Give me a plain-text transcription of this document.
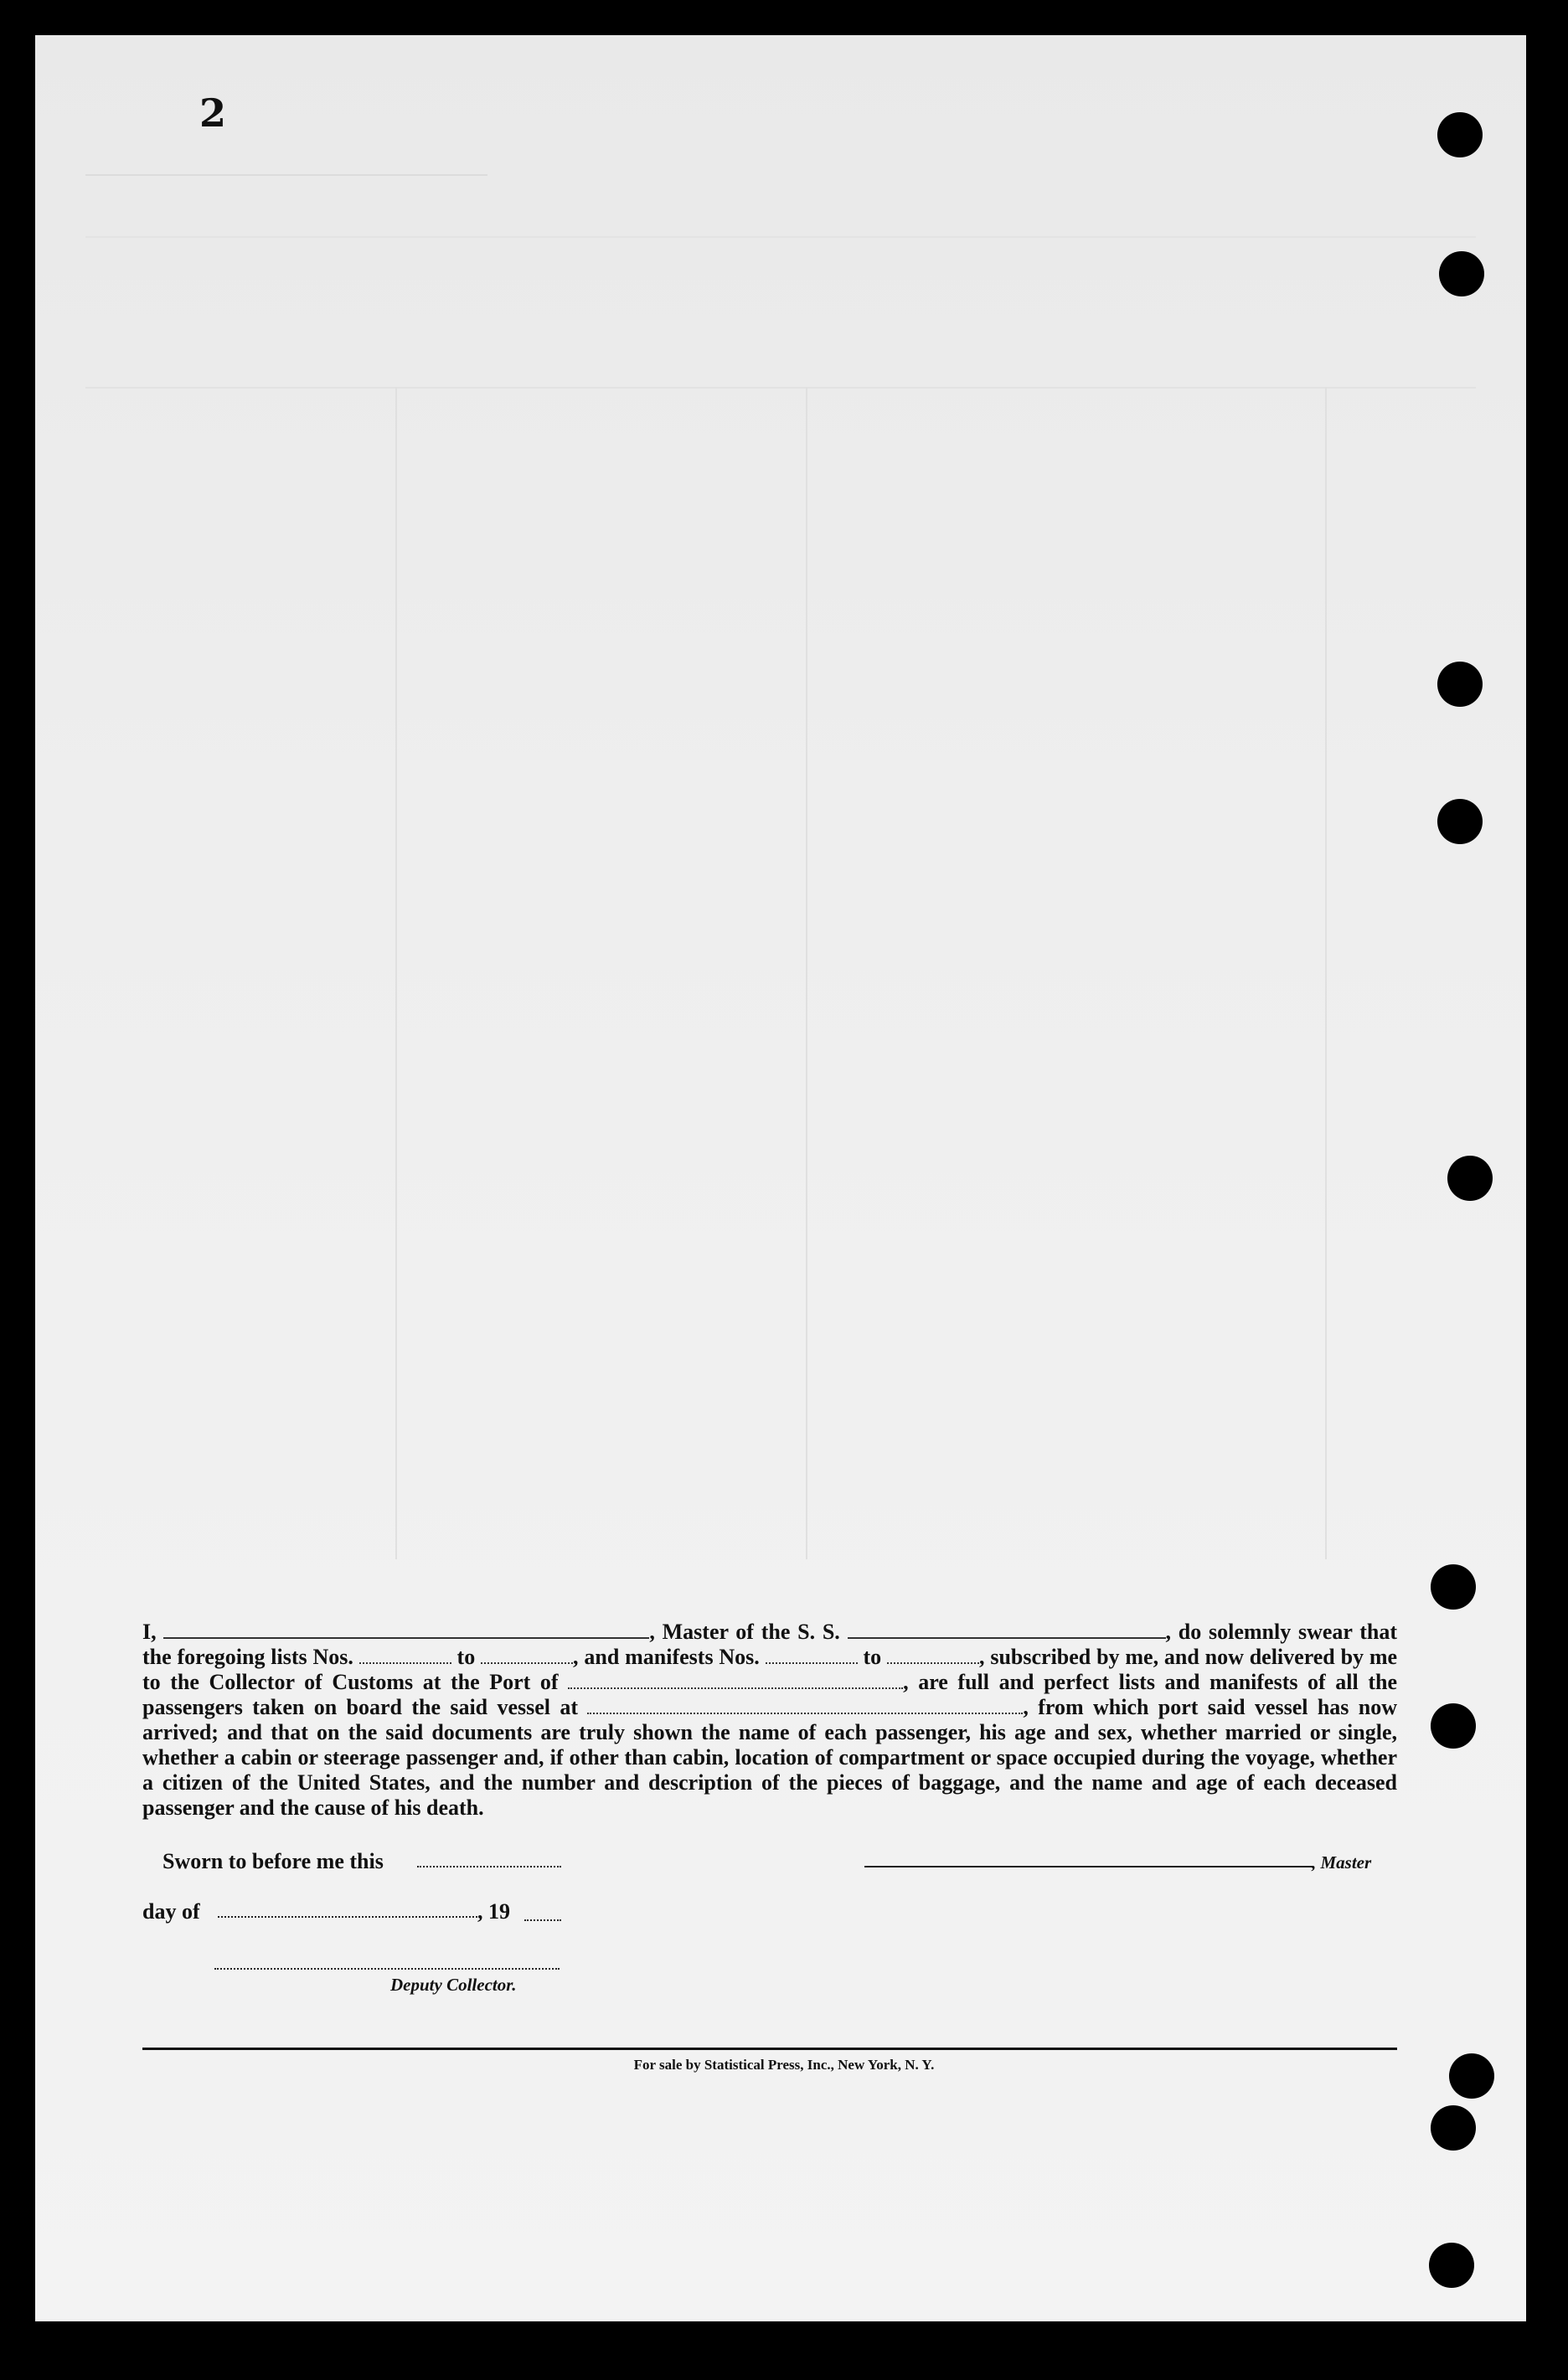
2
I,	, Master of the S. S.	, do solemnly swear that the foregoing lists Nos.	to	, and manifests Nos.	to	, subscribed by me, and now delivered by me to the Collector of Customs at the Port of	, are full and perfect lists and manifests of all the passengers taken on board the said vessel at	, from which port said vessel has now arrived; and that on the said documents are truly shown the name of each passenger, his age and sex, whether married or single, whether a cabin or steerage passenger and, if other than cabin, location of compartment or space occupied during the voyage, whether a citizen of the United States, and the number and description of the pieces of baggage, and the name and age of each deceased passenger and the cause of his death.
Sworn to before me this	, Master
day of	, 19
Deputy Collector.
For sale by Statistical Press, Inc., New York, N. Y.
